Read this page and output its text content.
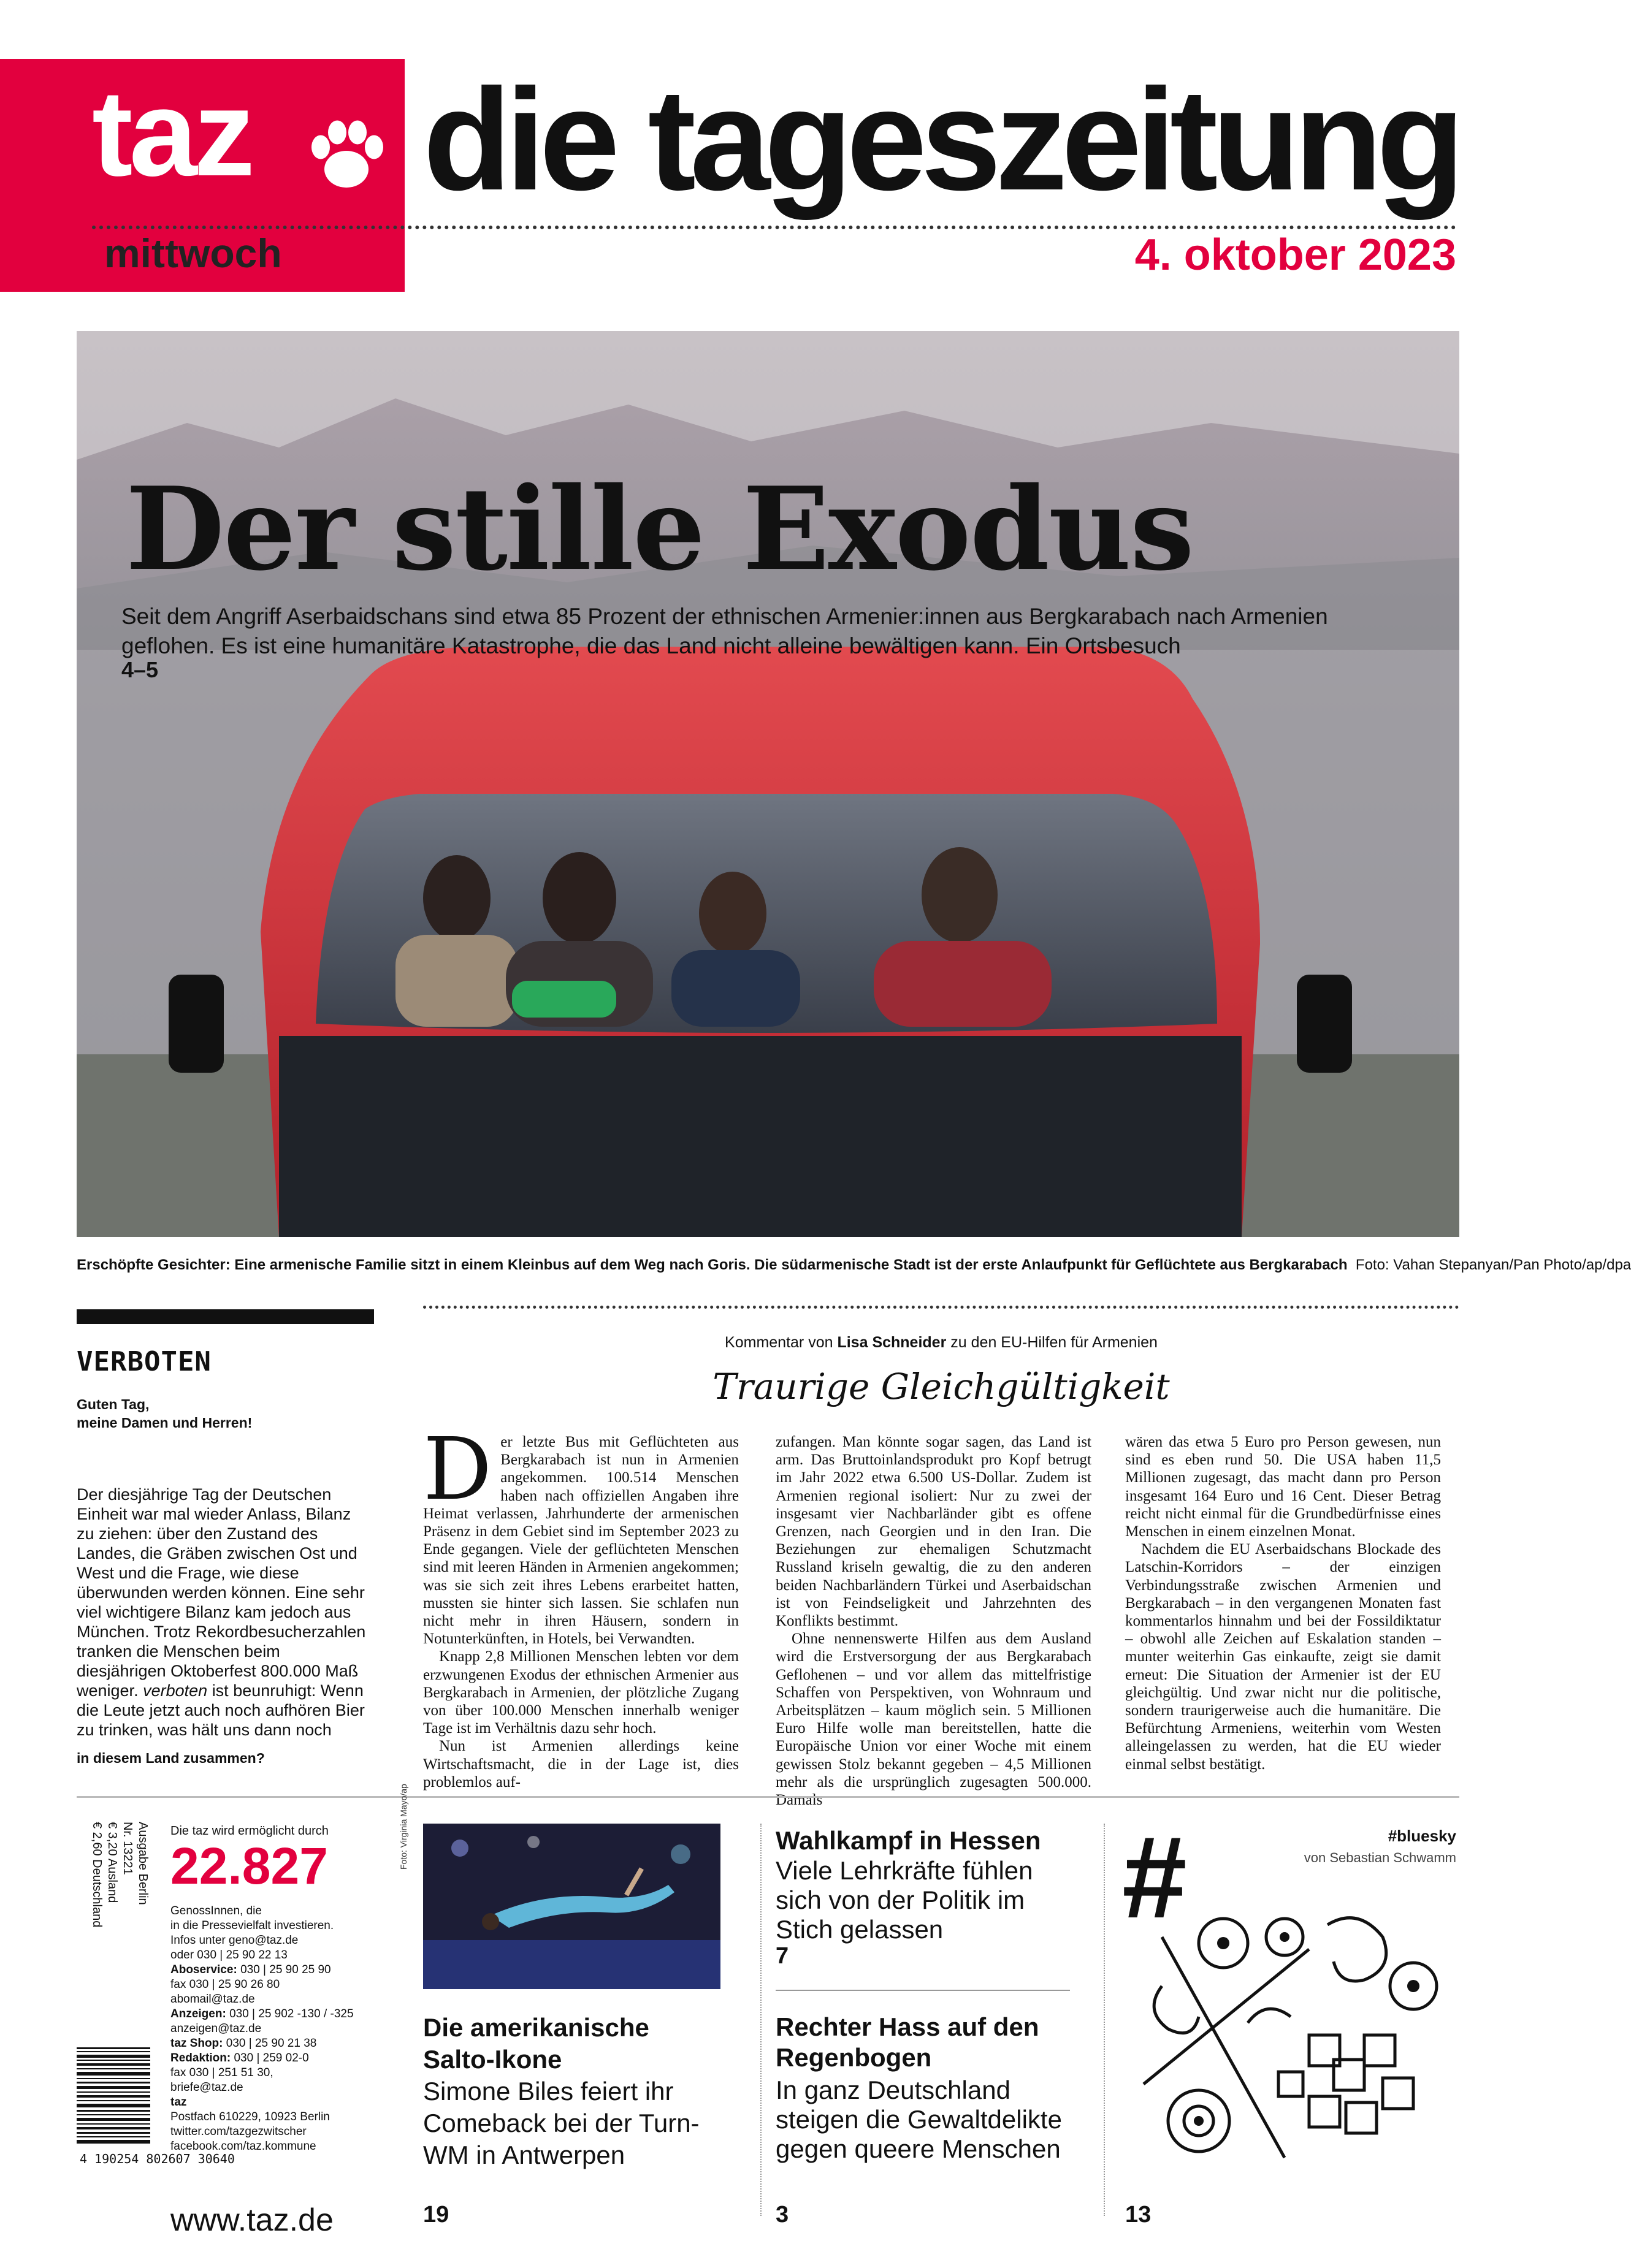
taz die tageszeitung
mittwoch	4. oktober 2023
Der stille Exodus
Seit dem Angriff Aserbaidschans sind etwa 85 Prozent der ethnischen Armenier:innen aus Bergkarabach nach Armenien geflohen. Es ist eine humanitäre Katastrophe, die das Land nicht alleine bewältigen kann. Ein Ortsbesuch
4–5
Erschöpfte Gesichter: Eine armenische Familie sitzt in einem Kleinbus auf dem Weg nach Goris. Die südarmenische Stadt ist der erste Anlaufpunkt für Geflüchtete aus Bergkarabach Foto: Vahan Stepanyan/Pan Photo/ap/dpa
VERBOTEN
Guten Tag,
meine Damen und Herren!
Der diesjährige Tag der Deutschen Einheit war mal wieder Anlass, Bilanz zu ziehen: über den Zustand des Landes, die Gräben zwischen Ost und West und die Frage, wie diese überwunden werden können. Eine sehr viel wichtigere Bilanz kam jedoch aus München. Trotz Rekordbesucherzahlen tranken die Menschen beim diesjährigen Oktoberfest 800.000 Maß weniger. verboten ist beunruhigt: Wenn die Leute jetzt auch noch aufhören Bier zu trinken, was hält uns dann noch
in diesem Land zusammen?
Kommentar von Lisa Schneider zu den EU-Hilfen für Armenien
Traurige Gleichgültigkeit

Der letzte Bus mit Geflüchteten aus Bergkarabach ist nun in Armenien angekommen. 100.514 Menschen haben nach offiziellen Angaben ihre Heimat verlassen, Jahrhunderte der armenischen Präsenz in dem Gebiet sind im September 2023 zu Ende gegangen. Viele der geflüchteten Menschen sind mit leeren Händen in Armenien angekommen; was sie sich zeit ihres Lebens erarbeitet hatten, mussten sie hinter sich lassen. Sie schlafen nun nicht mehr in ihren Häusern, sondern in Notunterkünften, in Hotels, bei Verwandten.

Knapp 2,8 Millionen Menschen lebten vor dem erzwungenen Exodus der ethnischen Armenier aus Bergkarabach in Armenien, der plötzliche Zugang von über 100.000 Menschen innerhalb weniger Tage ist im Verhältnis dazu sehr hoch.

Nun ist Armenien allerdings keine Wirtschaftsmacht, die in der Lage ist, dies problemlos auf-

zufangen. Man könnte sogar sagen, das Land ist arm. Das Bruttoinlandsprodukt pro Kopf betrugt im Jahr 2022 etwa 6.500 US-Dollar. Zudem ist Armenien regional isoliert: Nur zu zwei der insgesamt vier Nachbarländer gibt es offene Grenzen, nach Georgien und in den Iran. Die Beziehungen zur ehemaligen Schutzmacht Russland kriseln gewaltig, die zu den anderen beiden Nachbarländern Türkei und Aserbaidschan ist von Feindseligkeit und Jahrzehnten des Konflikts bestimmt.

Ohne nennenswerte Hilfen aus dem Ausland wird die Erstversorgung der aus Bergkarabach Geflohenen – und vor allem das mittelfristige Schaffen von Perspektiven, von Wohnraum und Arbeitsplätzen – kaum möglich sein. 5 Millionen Euro Hilfe wolle man bereitstellen, hatte die Europäische Union vor einer Woche mit einem gewissen Stolz bekannt gegeben – 4,5 Millionen mehr als die ursprünglich zugesagten 500.000. Damals

wären das etwa 5 Euro pro Person gewesen, nun sind es eben rund 50. Die USA haben 11,5 Millionen zugesagt, das macht dann pro Person insgesamt 164 Euro und 16 Cent. Dieser Betrag reicht nicht einmal für die Grundbedürfnisse eines Menschen in einem einzelnen Monat.

Nachdem die EU Aserbaidschans Blockade des Latschin-Korridors – der einzigen Verbindungsstraße zwischen Armenien und Bergkarabach – in den vergangenen Monaten fast kommentarlos hinnahm und bei der Fossildiktatur – obwohl alle Zeichen auf Eskalation standen – munter weiterhin Gas einkaufte, zeigt sie damit erneut: Die Situation der Armenier ist der EU gleichgültig. Und zwar nicht nur die politische, sondern traurigerweise auch die humanitäre. Die Befürchtung Armeniens, weiterhin vom Westen alleingelassen zu werden, hat die EU wieder einmal selbst bestätigt.

Ausgabe Berlin
Nr. 13221
€ 3,20 Ausland
€ 2,60 Deutschland
4 190254 802607 30640
Die taz wird ermöglicht durch
22.827
GenossInnen, die
in die Pressevielfalt investieren.
Infos unter geno@taz.de
oder 030 | 25 90 22 13
Aboservice: 030 | 25 90 25 90
fax 030 | 25 90 26 80
abomail@taz.de
Anzeigen: 030 | 25 902 -130 / -325
anzeigen@taz.de
taz Shop: 030 | 25 90 21 38
Redaktion: 030 | 259 02-0
fax 030 | 251 51 30,
briefe@taz.de
taz
Postfach 610229, 10923 Berlin
twitter.com/tazgezwitscher
facebook.com/taz.kommune
www.taz.de
Foto: Virginia Mayo/ap
Die amerikanische Salto-Ikone
Simone Biles feiert ihr Comeback bei der Turn-WM in Antwerpen
19
Wahlkampf in Hessen
Viele Lehrkräfte fühlen sich von der Politik im Stich gelassen
7
Rechter Hass auf den Regenbogen
In ganz Deutschland steigen die Gewaltdelikte gegen queere Menschen
3
#	#bluesky
von Sebastian Schwamm
13
